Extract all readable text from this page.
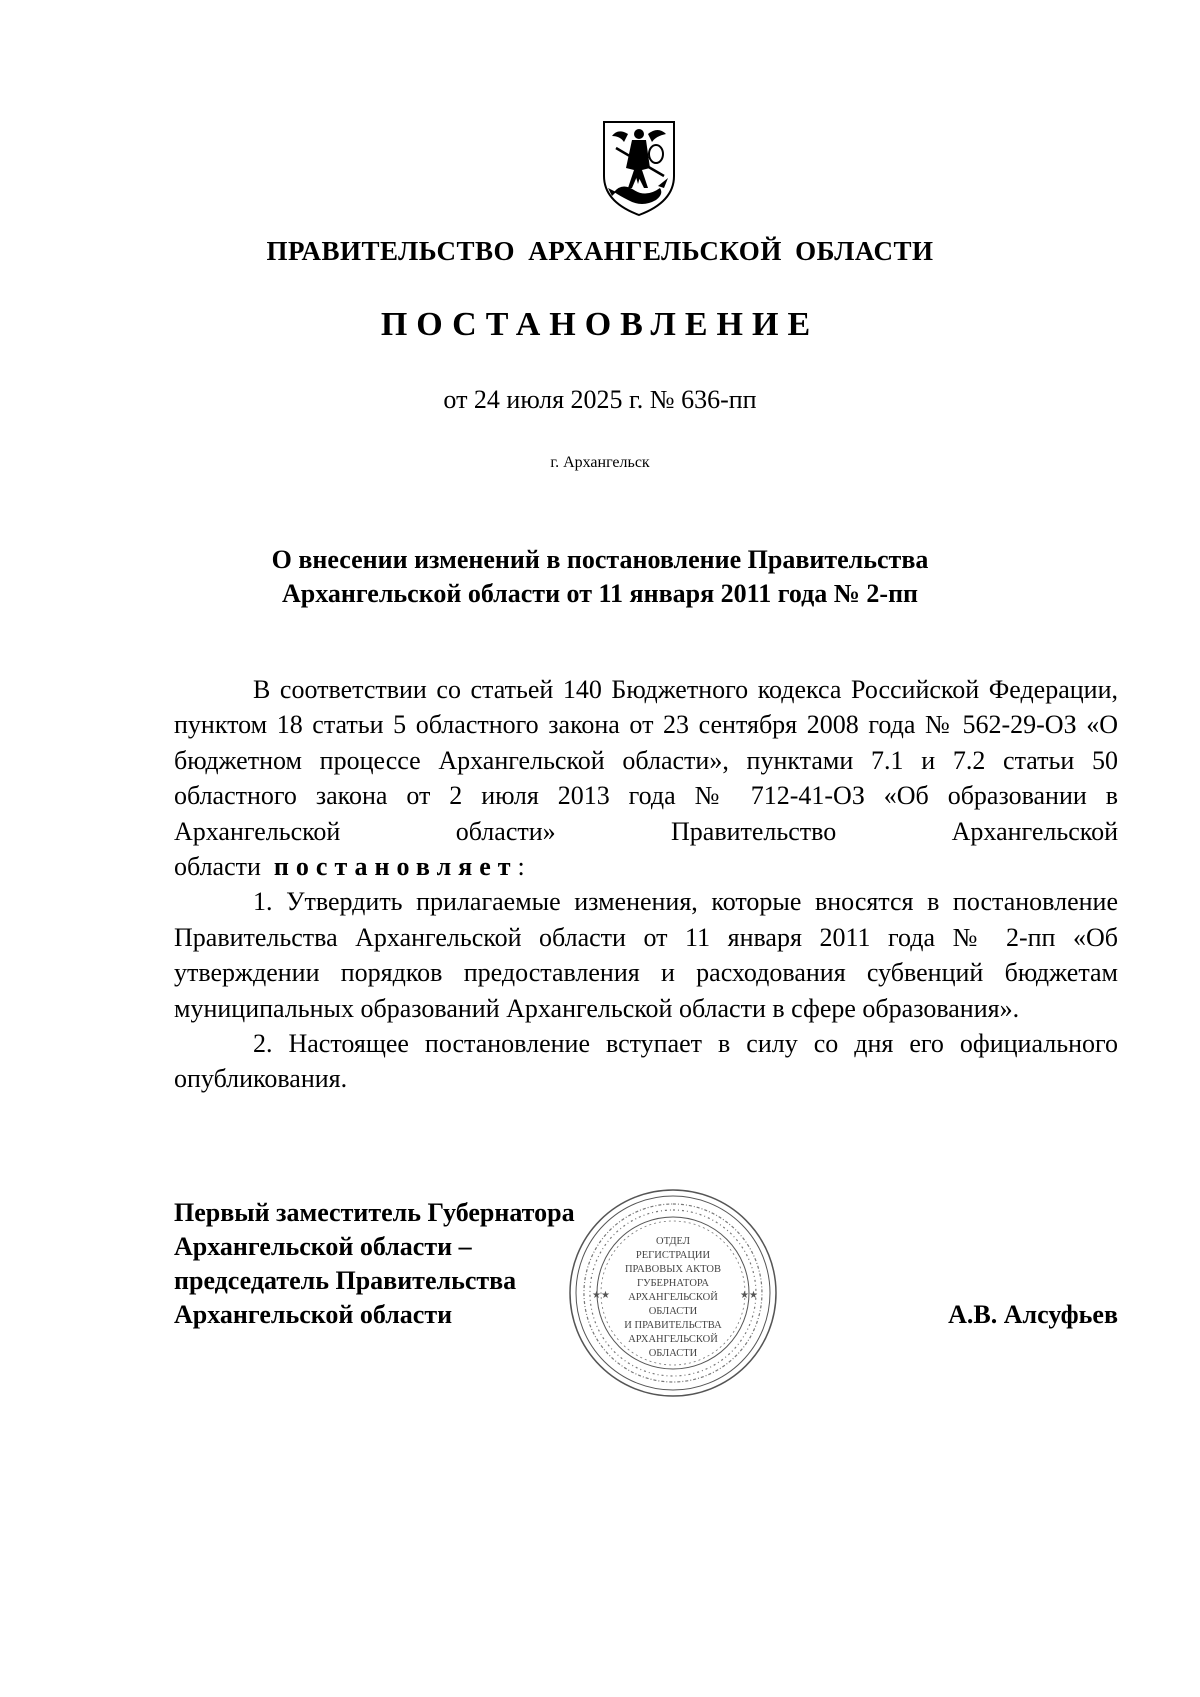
ПРАВИТЕЛЬСТВО АРХАНГЕЛЬСКОЙ ОБЛАСТИ
ПОСТАНОВЛЕНИЕ
от 24 июля 2025 г. № 636-пп
г. Архангельск
О внесении изменений в постановление Правительства
Архангельской области от 11 января 2011 года № 2-пп

В соответствии со статьей 140 Бюджетного кодекса Российской Федерации, пунктом 18 статьи 5 областного закона от 23 сентября 2008 года № 562-29-ОЗ «О бюджетном процессе Архангельской области», пунктами 7.1 и 7.2 статьи 50 областного закона от 2 июля 2013 года № 712-41-ОЗ «Об образовании в Архангельской области» Правительство Архангельской области постановляет:

1. Утвердить прилагаемые изменения, которые вносятся в постановление Правительства Архангельской области от 11 января 2011 года № 2-пп «Об утверждении порядков предоставления и расходования субвенций бюджетам муниципальных образований Архангельской области в сфере образования».

2. Настоящее постановление вступает в силу со дня его официального опубликования.

Первый заместитель Губернатора
Архангельской области –
председатель Правительства
Архангельской области
★★	★★
ОТДЕЛ
РЕГИСТРАЦИИ
ПРАВОВЫХ АКТОВ
ГУБЕРНАТОРА
АРХАНГЕЛЬСКОЙ
ОБЛАСТИ
И ПРАВИТЕЛЬСТВА
АРХАНГЕЛЬСКОЙ
ОБЛАСТИ
А.В. Алсуфьев
